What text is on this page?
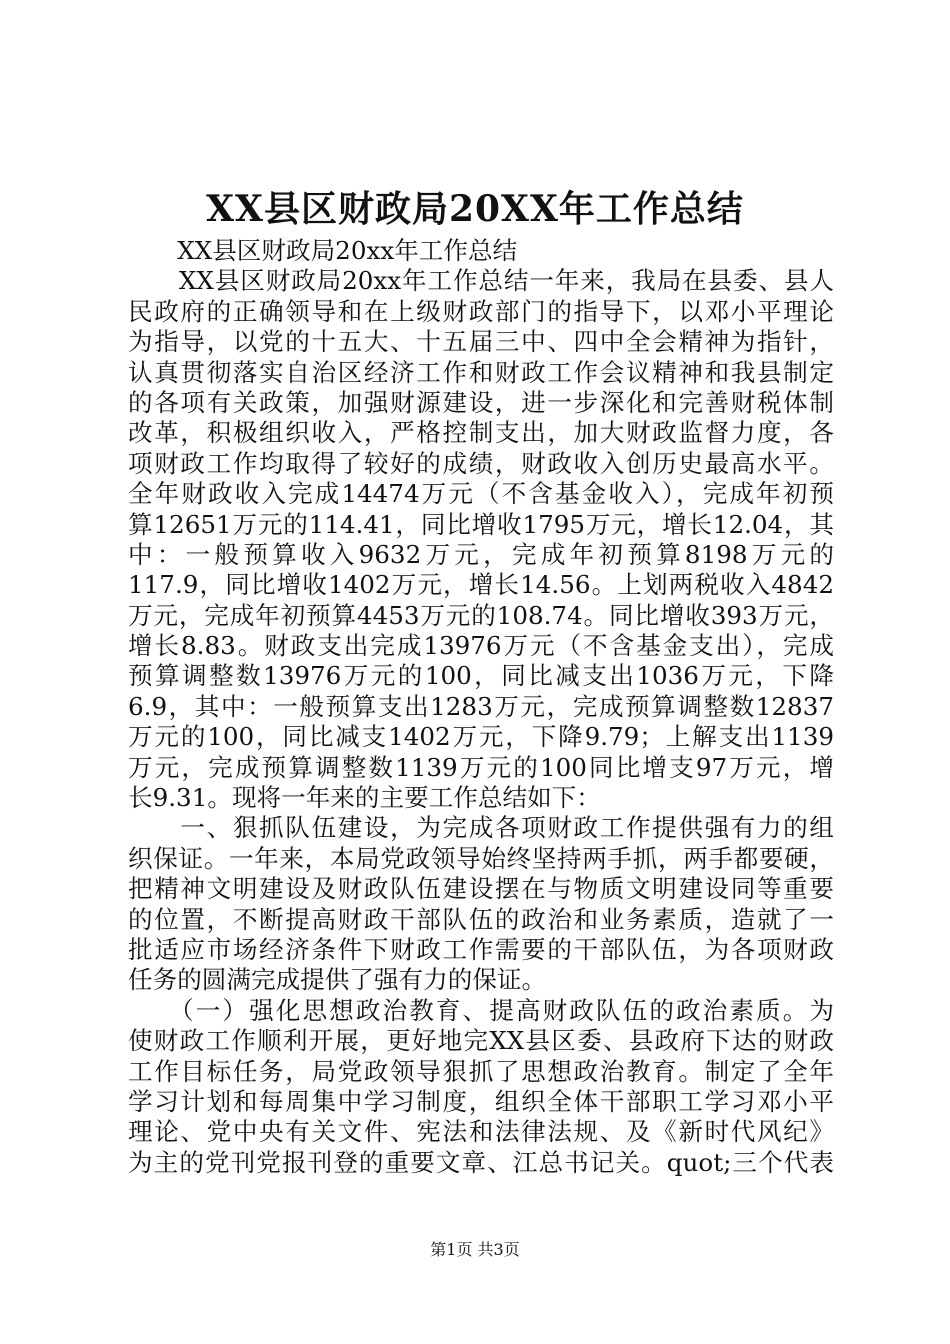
XX县区财政局20XX年工作总结
　　XX县区财政局20xx年工作总结
　　XX县区财政局20xx年工作总结一年来，我局在县委、县人
民政府的正确领导和在上级财政部门的指导下，以邓小平理论
为指导，以党的十五大、十五届三中、四中全会精神为指针，
认真贯彻落实自治区经济工作和财政工作会议精神和我县制定
的各项有关政策，加强财源建设，进一步深化和完善财税体制
改革，积极组织收入，严格控制支出，加大财政监督力度，各
项财政工作均取得了较好的成绩，财政收入创历史最高水平。
全年财政收入完成14474万元（不含基金收入），完成年初预
算12651万元的114.41，同比增收1795万元，增长12.04，其
中：一般预算收入9632万元，完成年初预算8198万元的
117.9，同比增收1402万元，增长14.56。上划两税收入4842
万元，完成年初预算4453万元的108.74。同比增收393万元，
增长8.83。财政支出完成13976万元（不含基金支出），完成
预算调整数13976万元的100，同比减支出1036万元，下降
6.9，其中：一般预算支出1283万元，完成预算调整数12837
万元的100，同比减支1402万元，下降9.79；上解支出1139
万元，完成预算调整数1139万元的100同比增支97万元，增
长9.31。现将一年来的主要工作总结如下：
　　一、狠抓队伍建设，为完成各项财政工作提供强有力的组
织保证。一年来，本局党政领导始终坚持两手抓，两手都要硬，
把精神文明建设及财政队伍建设摆在与物质文明建设同等重要
的位置，不断提高财政干部队伍的政治和业务素质，造就了一
批适应市场经济条件下财政工作需要的干部队伍，为各项财政
任务的圆满完成提供了强有力的保证。
　　（一）强化思想政治教育、提高财政队伍的政治素质。为
使财政工作顺利开展，更好地完XX县区委、县政府下达的财政
工作目标任务，局党政领导狠抓了思想政治教育。制定了全年
学习计划和每周集中学习制度，组织全体干部职工学习邓小平
理论、党中央有关文件、宪法和法律法规、及《新时代风纪》
为主的党刊党报刊登的重要文章、江总书记关。quot;三个代表
第1页 共3页
